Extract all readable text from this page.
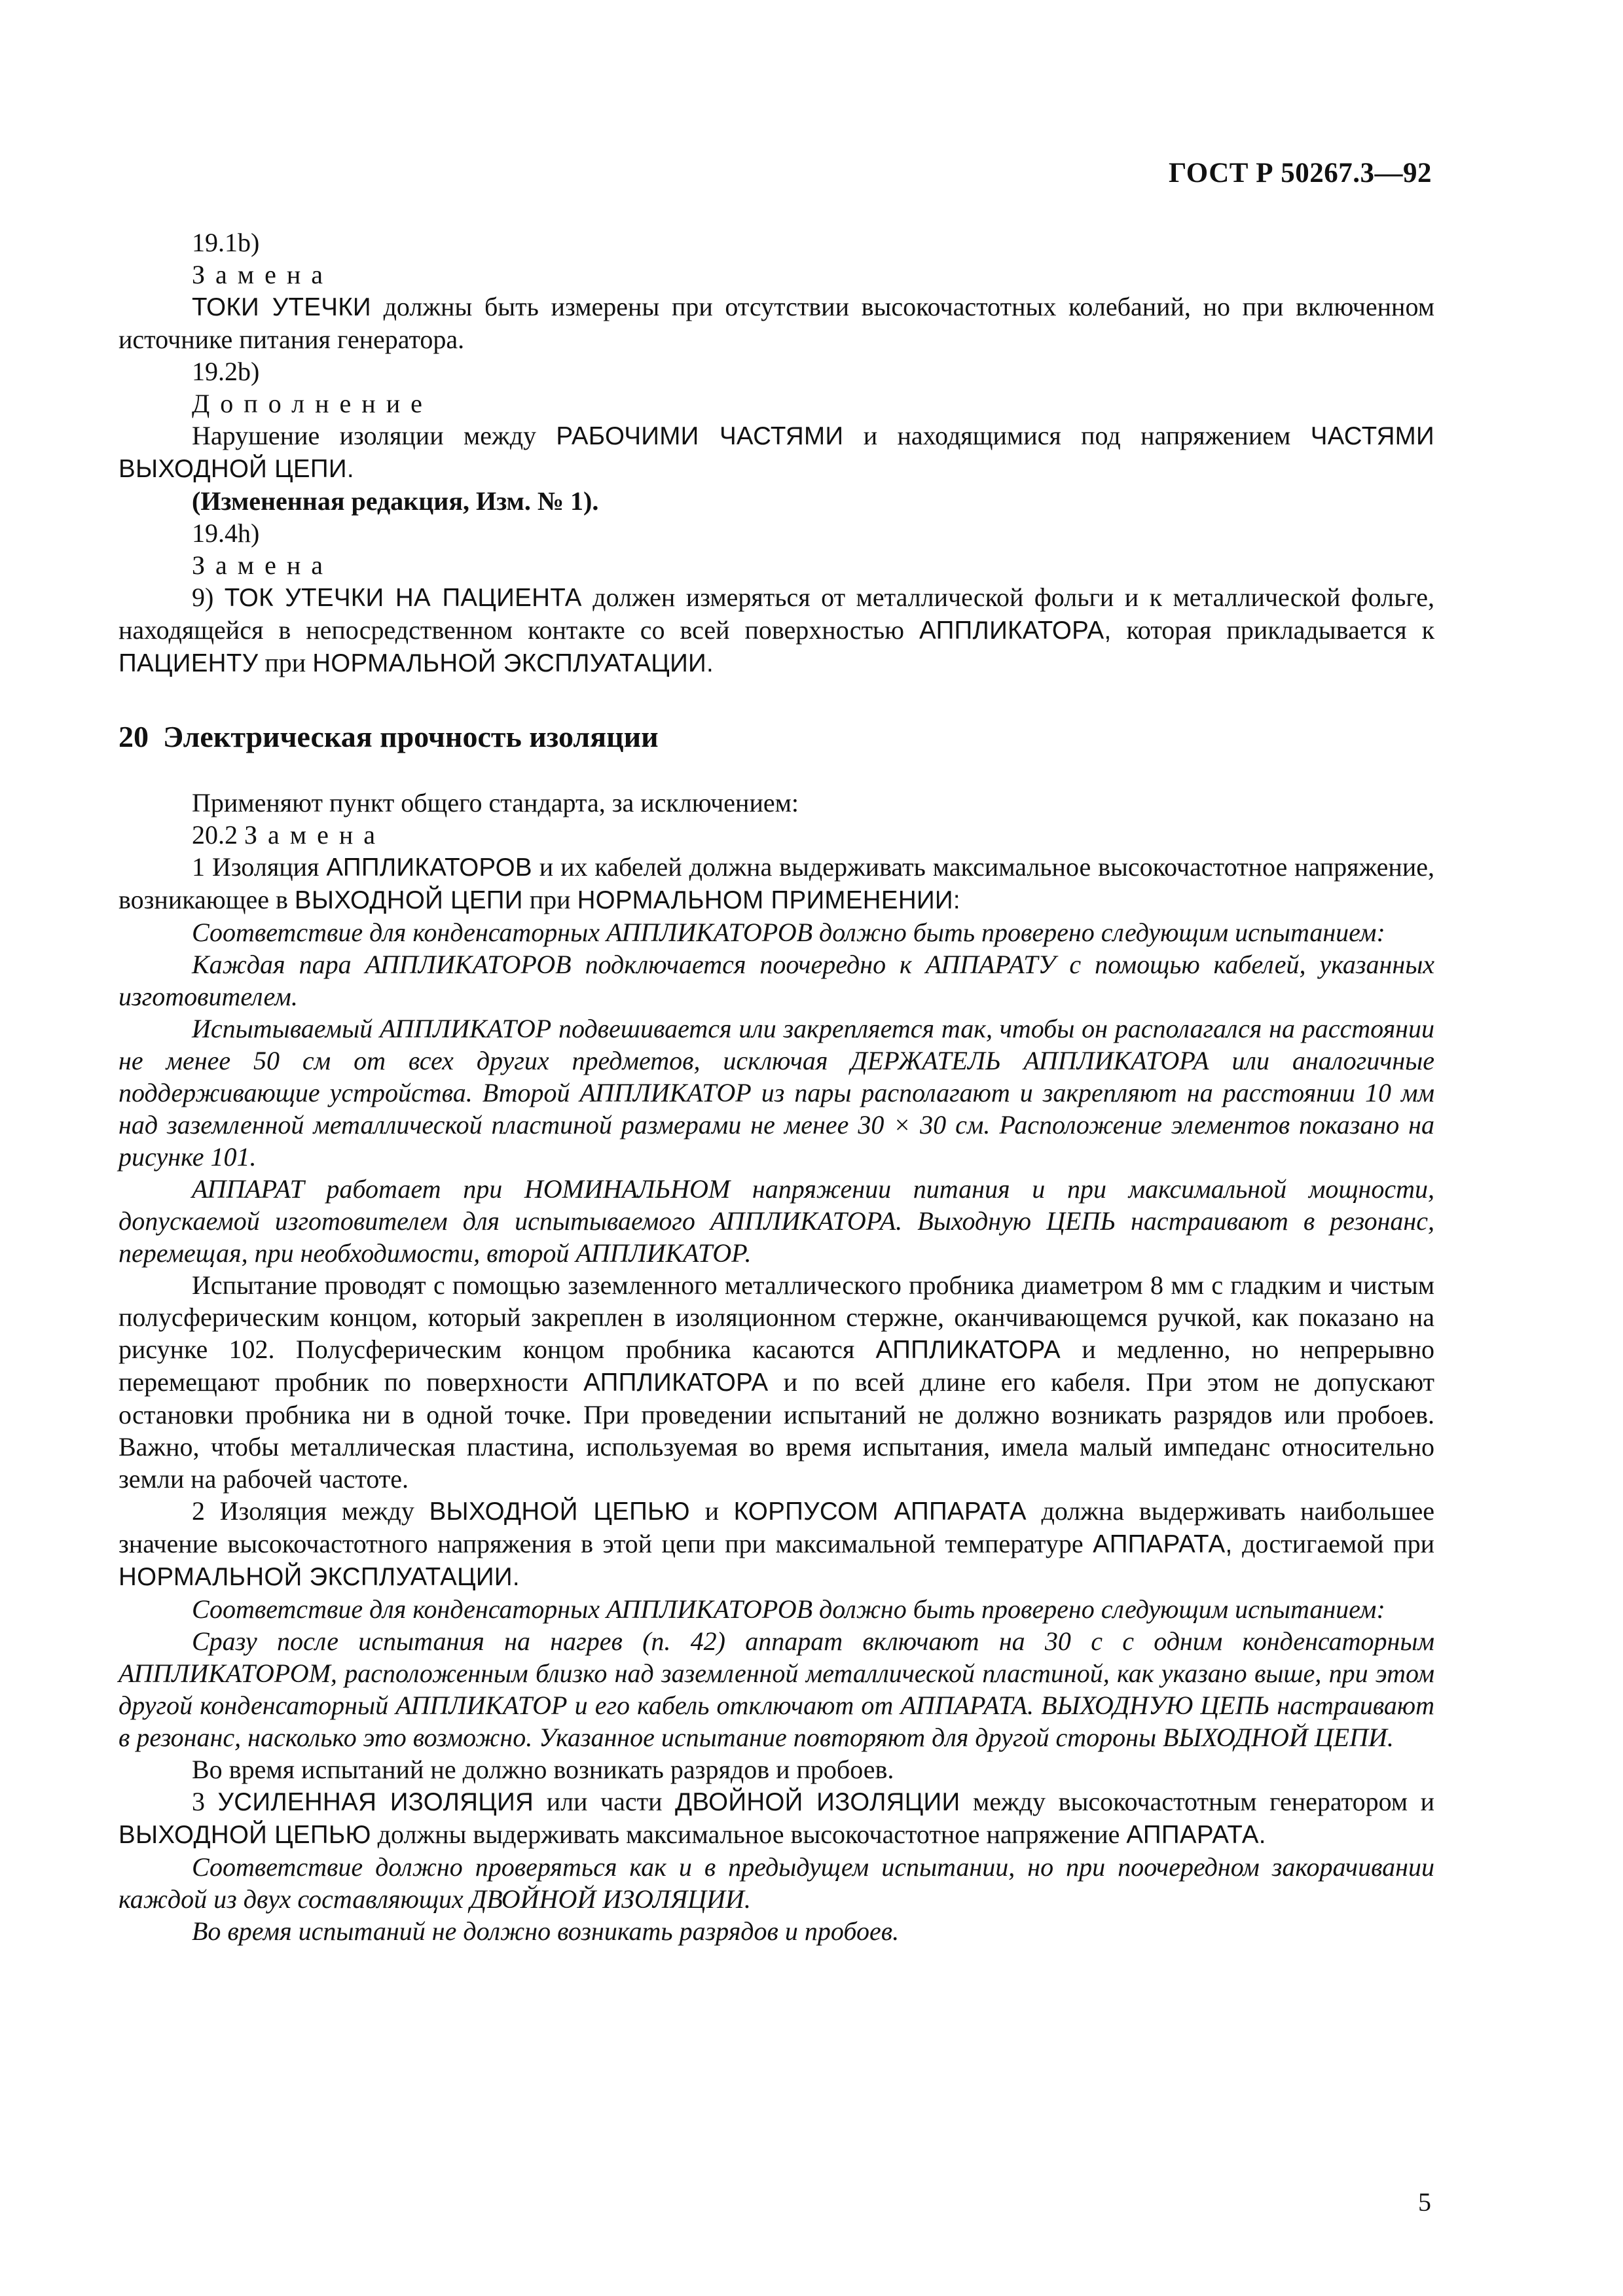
ГОСТ Р 50267.3—92

19.1b)

Замена

ТОКИ УТЕЧКИ должны быть измерены при отсутствии высокочастотных колебаний, но при включенном источнике питания генератора.

19.2b)

Дополнение

Нарушение изоляции между РАБОЧИМИ ЧАСТЯМИ и находящимися под напряжением ЧАСТЯМИ ВЫХОДНОЙ ЦЕПИ.

(Измененная редакция, Изм. № 1).

19.4h)

Замена

9) ТОК УТЕЧКИ НА ПАЦИЕНТА должен измеряться от металлической фольги и к металлической фольге, находящейся в непосредственном контакте со всей поверхностью АППЛИКАТОРА, которая прикладывается к ПАЦИЕНТУ при НОРМАЛЬНОЙ ЭКСПЛУАТАЦИИ.

20 Электрическая прочность изоляции

Применяют пункт общего стандарта, за исключением:

20.2 Замена

1 Изоляция АППЛИКАТОРОВ и их кабелей должна выдерживать максимальное высокочастотное напряжение, возникающее в ВЫХОДНОЙ ЦЕПИ при НОРМАЛЬНОМ ПРИМЕНЕНИИ:

Соответствие для конденсаторных АППЛИКАТОРОВ должно быть проверено следующим испытанием:

Каждая пара АППЛИКАТОРОВ подключается поочередно к АППАРАТУ с помощью кабелей, указанных изготовителем.

Испытываемый АППЛИКАТОР подвешивается или закрепляется так, чтобы он располагался на расстоянии не менее 50 см от всех других предметов, исключая ДЕРЖАТЕЛЬ АППЛИКАТОРА или аналогичные поддерживающие устройства. Второй АППЛИКАТОР из пары располагают и закрепляют на расстоянии 10 мм над заземленной металлической пластиной размерами не менее 30 × 30 см. Расположение элементов показано на рисунке 101.

АППАРАТ работает при НОМИНАЛЬНОМ напряжении питания и при максимальной мощности, допускаемой изготовителем для испытываемого АППЛИКАТОРА. Выходную ЦЕПЬ настраивают в резонанс, перемещая, при необходимости, второй АППЛИКАТОР.

Испытание проводят с помощью заземленного металлического пробника диаметром 8 мм с гладким и чистым полусферическим концом, который закреплен в изоляционном стержне, оканчивающемся ручкой, как показано на рисунке 102. Полусферическим концом пробника касаются АППЛИКАТОРА и медленно, но непрерывно перемещают пробник по поверхности АППЛИКАТОРА и по всей длине его кабеля. При этом не допускают остановки пробника ни в одной точке. При проведении испытаний не должно возникать разрядов или пробоев. Важно, чтобы металлическая пластина, используемая во время испытания, имела малый импеданс относительно земли на рабочей частоте.

2 Изоляция между ВЫХОДНОЙ ЦЕПЬЮ и КОРПУСОМ АППАРАТА должна выдерживать наибольшее значение высокочастотного напряжения в этой цепи при максимальной температуре АППАРАТА, достигаемой при НОРМАЛЬНОЙ ЭКСПЛУАТАЦИИ.

Соответствие для конденсаторных АППЛИКАТОРОВ должно быть проверено следующим испытанием:

Сразу после испытания на нагрев (п. 42) аппарат включают на 30 с с одним конденсаторным АППЛИКАТОРОМ, расположенным близко над заземленной металлической пластиной, как указано выше, при этом другой конденсаторный АППЛИКАТОР и его кабель отключают от АППАРАТА. ВЫХОДНУЮ ЦЕПЬ настраивают в резонанс, насколько это возможно. Указанное испытание повторяют для другой стороны ВЫХОДНОЙ ЦЕПИ.

Во время испытаний не должно возникать разрядов и пробоев.

3 УСИЛЕННАЯ ИЗОЛЯЦИЯ или части ДВОЙНОЙ ИЗОЛЯЦИИ между высокочастотным генератором и ВЫХОДНОЙ ЦЕПЬЮ должны выдерживать максимальное высокочастотное напряжение АППАРАТА.

Соответствие должно проверяться как и в предыдущем испытании, но при поочередном закорачивании каждой из двух составляющих ДВОЙНОЙ ИЗОЛЯЦИИ.

Во время испытаний не должно возникать разрядов и пробоев.

5
